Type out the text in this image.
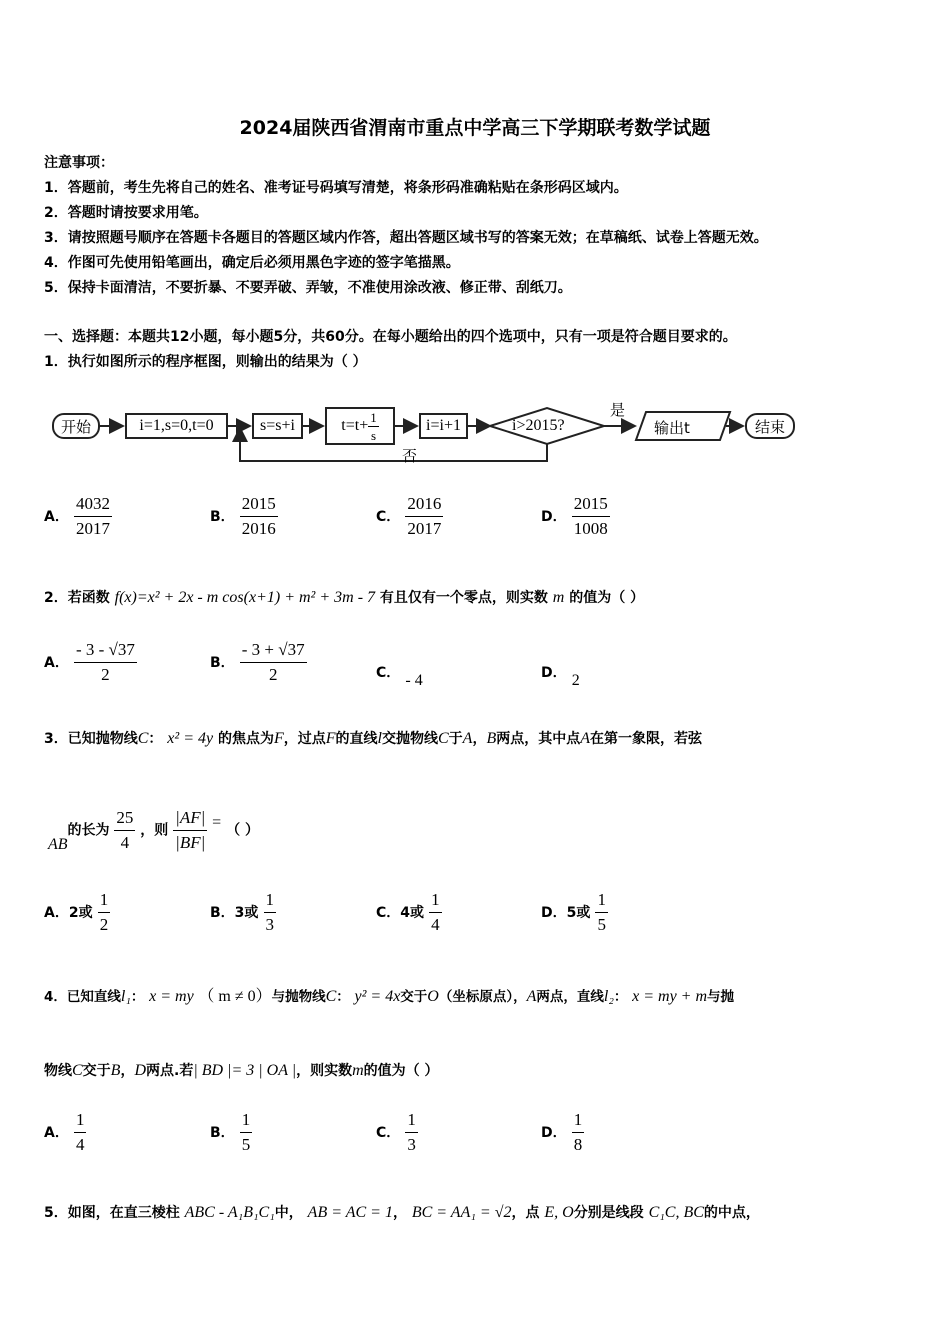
2024届陕西省渭南市重点中学高三下学期联考数学试题
注意事项：
1．答题前，考生先将自己的姓名、准考证号码填写清楚，将条形码准确粘贴在条形码区域内。
2．答题时请按要求用笔。
3．请按照题号顺序在答题卡各题目的答题区域内作答，超出答题区域书写的答案无效；在草稿纸、试卷上答题无效。
4．作图可先使用铅笔画出，确定后必须用黑色字迹的签字笔描黑。
5．保持卡面清洁，不要折暴、不要弄破、弄皱，不准使用涂改液、修正带、刮纸刀。
一、选择题：本题共12小题，每小题5分，共60分。在每小题给出的四个选项中，只有一项是符合题目要求的。
1．执行如图所示的程序框图，则输出的结果为（ ）
开始	i=1,s=0,t=0	s=s+i	$t=t+ \frac{1}{s}$	i=i+1	i>2015?
是
否
输出t	结束
A． $\frac{4032}{2017}$	B． $\frac{2015}{2016}$	C． $\frac{2016}{2017}$	D． $\frac{2015}{1008}$
2．若函数 f(x)=x² + 2x - m cos(x+1) + m² + 3m - 7 有且仅有一个零点，则实数 m 的值为（ ）
A． $\frac{- 3 - √37}{2}$	B． $\frac{- 3 + √37}{2}$	C． - 4	D． 2
3．已知抛物线C： x² = 4y 的焦点为F，过点F的直线l交抛物线C于A，B两点，其中点A在第一象限，若弦
AB的长为 $\frac{25}{4}$ ，则 $\frac{|AF|}{|BF|}$ = （ ）
A．2或 $\frac{1}{2}$	B．3或 $\frac{1}{3}$	C．4或 $\frac{1}{4}$	D．5或 $\frac{1}{5}$
4．已知直线l₁： x = my （ m ≠ 0）与抛物线C： y² = 4x交于O（坐标原点），A两点，直线l₂： x = my + m与抛
物线C交于B，D两点.若| BD |= 3 | OA |，则实数m的值为（ ）
A． $\frac{1}{4}$	B． $\frac{1}{5}$	C． $\frac{1}{3}$	D． $\frac{1}{8}$
5．如图，在直三棱柱 ABC - A₁B₁C₁中， AB = AC = 1， BC = AA₁ = √2，点 E, O分别是线段 C₁C, BC的中点，
